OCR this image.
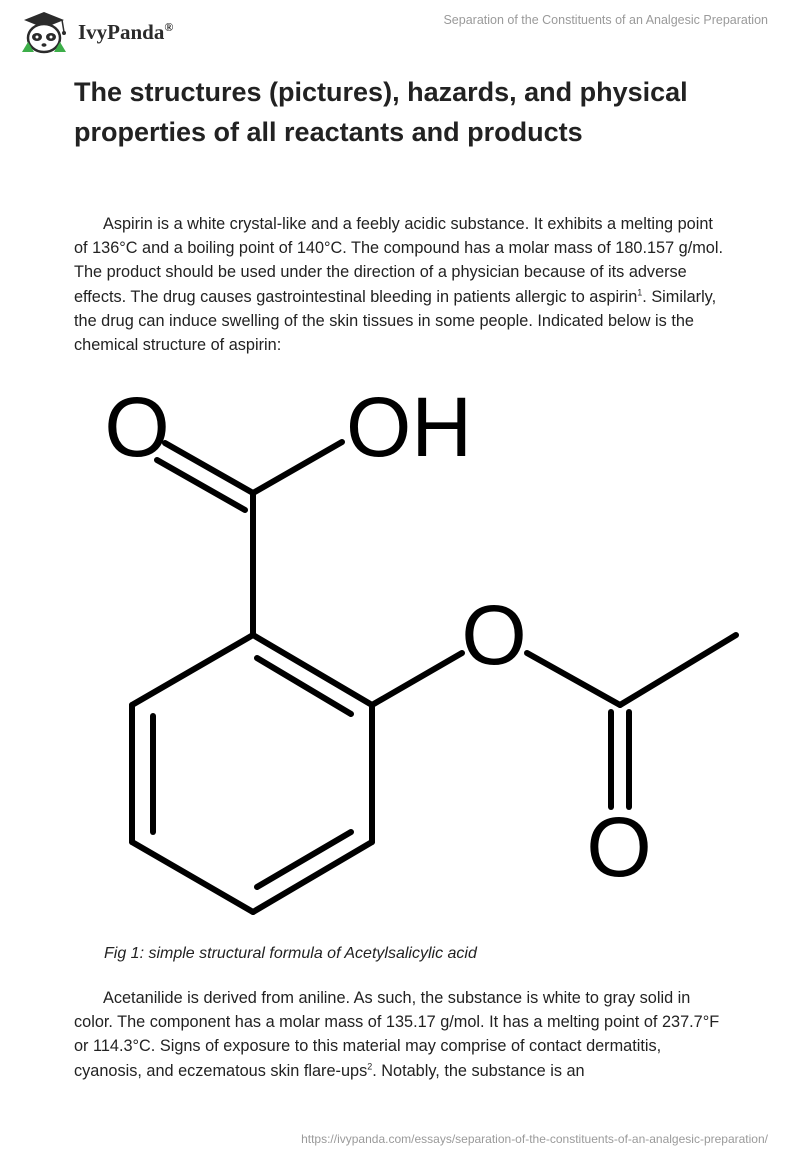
IvyPanda®	Separation of the Constituents of an Analgesic Preparation
The structures (pictures), hazards, and physical properties of all reactants and products

Aspirin is a white crystal-like and a feebly acidic substance. It exhibits a melting point of 136°C and a boiling point of 140°C. The compound has a molar mass of 180.157 g/mol. The product should be used under the direction of a physician because of its adverse effects. The drug causes gastrointestinal bleeding in patients allergic to aspirin$^1$. Similarly, the drug can induce swelling of the skin tissues in some people. Indicated below is the chemical structure of aspirin:

O OH
O
O

Fig 1: simple structural formula of Acetylsalicylic acid

Acetanilide is derived from aniline. As such, the substance is white to gray solid in color. The component has a molar mass of 135.17 g/mol. It has a melting point of 237.7°F or 114.3°C. Signs of exposure to this material may comprise of contact dermatitis, cyanosis, and eczematous skin flare-ups$^2$. Notably, the substance is an

https://ivypanda.com/essays/separation-of-the-constituents-of-an-analgesic-preparation/
